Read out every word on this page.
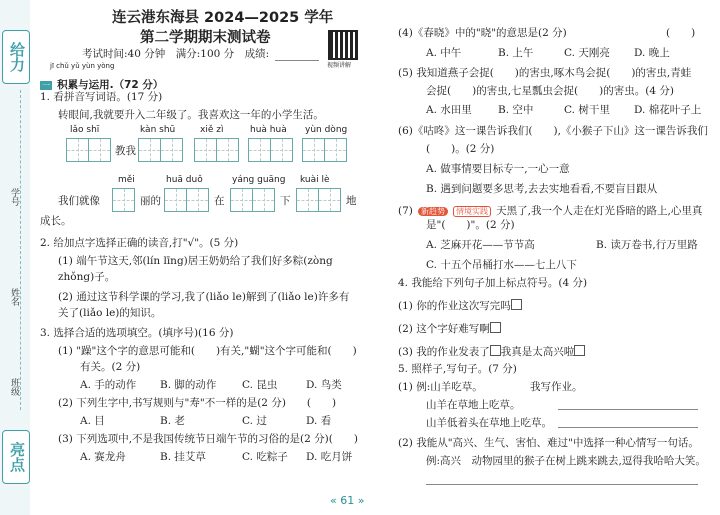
给力
学号
姓名
班级
亮点
连云港东海县 2024—2025 学年
第二学期期末测试卷
视频讲解
考试时间:40 分钟　满分:100 分　成绩:
jī chǔ yǔ yùn yòng
一 积累与运用.（72 分）
1. 看拼音写词语。(17 分)
转眼间,我就要升入二年级了。我喜欢这一年的小学生活。
lǎo shī	kàn shū	xiě zì	huà huà yùn dòng
教我
měi	huā duǒ	yáng guāng kuài lè
我们就像	丽的	在	下	地
成长。
2. 给加点字选择正确的读音,打"√"。(5 分)
(1) 端午节这天,邻(lín līng)居王奶奶给了我们好多粽(zòng
zhǒng)子。
(2) 通过这节科学课的学习,我了(liǎo le)解到了(liǎo le)许多有
关了(liǎo le)的知识。
3. 选择合适的选项填空。(填序号)(16 分)
(1) "躁"这个字的意思可能和(　　)有关,"蝴"这个字可能和(　　)
有关。(2 分)
A. 手的动作 B. 脚的动作 C. 昆虫	D. 鸟类
(2) 下列生字中,书写规则与"寿"不一样的是(2 分)　　(　　)
A. 目	B. 老	C. 过	D. 看
(3) 下列选项中,不是我国传统节日端午节的习俗的是(2 分)(　　)
A. 赛龙舟	B. 挂艾草	C. 吃粽子 D. 吃月饼
(4)《春晓》中的"晓"的意思是(2 分)	(　　)
A. 中午	B. 上午	C. 天刚亮 D. 晚上
(5) 我知道燕子会捉(　　)的害虫,啄木鸟会捉(　　)的害虫,青蛙
会捉(　　)的害虫,七星瓢虫会捉(　　)的害虫。(4 分)
A. 水田里 B. 空中	C. 树干里 D. 棉花叶子上
(6)《咕咚》这一课告诉我们(　　),《小猴子下山》这一课告诉我们
(　　)。(2 分)
A. 做事情要目标专一,一心一意
B. 遇到问题要多思考,去去实地看看,不要盲目跟从
(7) 新趋势 情境实践 天黑了,我一个人走在灯光昏暗的路上,心里真
是"(　　)"。(2 分)
A. 芝麻开花——节节高	B. 读万卷书,行万里路
C. 十五个吊桶打水——七上八下
4. 我能给下列句子加上标点符号。(4 分)
(1) 你的作业这次写完吗
(2) 这个字好难写啊
(3) 我的作业发表了 我真是太高兴啦
5. 照样子,写句子。(7 分)
(1) 例:山羊吃草。　　　　　我写作业。
山羊在草地上吃草。
山羊低着头在草地上吃草。
(2) 我能从"高兴、生气、害怕、难过"中选择一种心情写一句话。
例:高兴　动物园里的猴子在树上跳来跳去,逗得我哈哈大笑。
« 61 »
